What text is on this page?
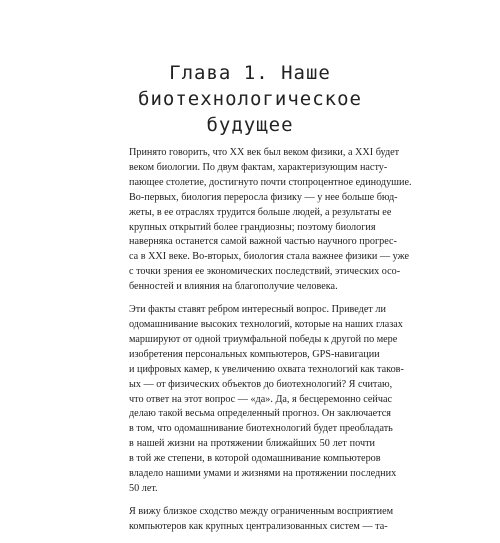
Глава 1. Наше
биотехнологическое
будущее
Принято говорить, что XX век был веком физики, а XXI будет
веком биологии. По двум фактам, характеризующим насту-
пающее столетие, достигнуто почти стопроцентное единодушие.
Во-первых, биология переросла физику — у нее больше бюд-
жеты, в ее отраслях трудится больше людей, а результаты ее
крупных открытий более грандиозны; поэтому биология
наверняка останется самой важной частью научного прогрес-
са в XXI веке. Во-вторых, биология стала важнее физики — уже
с точки зрения ее экономических последствий, этических осо-
бенностей и влияния на благополучие человека.
Эти факты ставят ребром интересный вопрос. Приведет ли
одомашнивание высоких технологий, которые на наших глазах
маршируют от одной триумфальной победы к другой по мере
изобретения персональных компьютеров, GPS-навигации
и цифровых камер, к увеличению охвата технологий как таков-
ых — от физических объектов до биотехнологий? Я считаю,
что ответ на этот вопрос — «да». Да, я бесцеремонно сейчас
делаю такой весьма определенный прогноз. Он заключается
в том, что одомашнивание биотехнологий будет преобладать
в нашей жизни на протяжении ближайших 50 лет почти
в той же степени, в которой одомашнивание компьютеров
владело нашими умами и жизнями на протяжении последних
50 лет.
Я вижу близкое сходство между ограниченным восприятием
компьютеров как крупных централизованных систем — та-
